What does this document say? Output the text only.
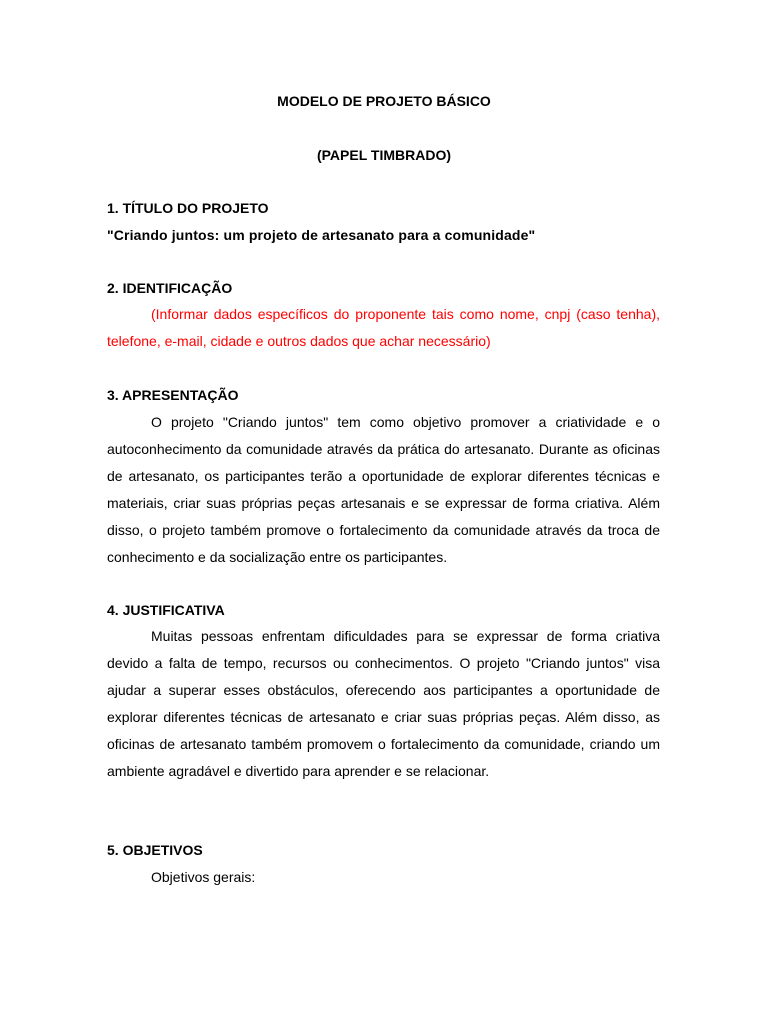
MODELO DE PROJETO BÁSICO
(PAPEL TIMBRADO)
1. TÍTULO DO PROJETO
"Criando juntos: um projeto de artesanato para a comunidade"
2. IDENTIFICAÇÃO

(Informar dados específicos do proponente tais como nome, cnpj (caso tenha), telefone, e-mail, cidade e outros dados que achar necessário)

3. APRESENTAÇÃO

O projeto "Criando juntos" tem como objetivo promover a criatividade e o autoconhecimento da comunidade através da prática do artesanato. Durante as oficinas de artesanato, os participantes terão a oportunidade de explorar diferentes técnicas e materiais, criar suas próprias peças artesanais e se expressar de forma criativa. Além disso, o projeto também promove o fortalecimento da comunidade através da troca de conhecimento e da socialização entre os participantes.

4. JUSTIFICATIVA

Muitas pessoas enfrentam dificuldades para se expressar de forma criativa devido a falta de tempo, recursos ou conhecimentos. O projeto "Criando juntos" visa ajudar a superar esses obstáculos, oferecendo aos participantes a oportunidade de explorar diferentes técnicas de artesanato e criar suas próprias peças. Além disso, as oficinas de artesanato também promovem o fortalecimento da comunidade, criando um ambiente agradável e divertido para aprender e se relacionar.

5. OBJETIVOS
Objetivos gerais:
